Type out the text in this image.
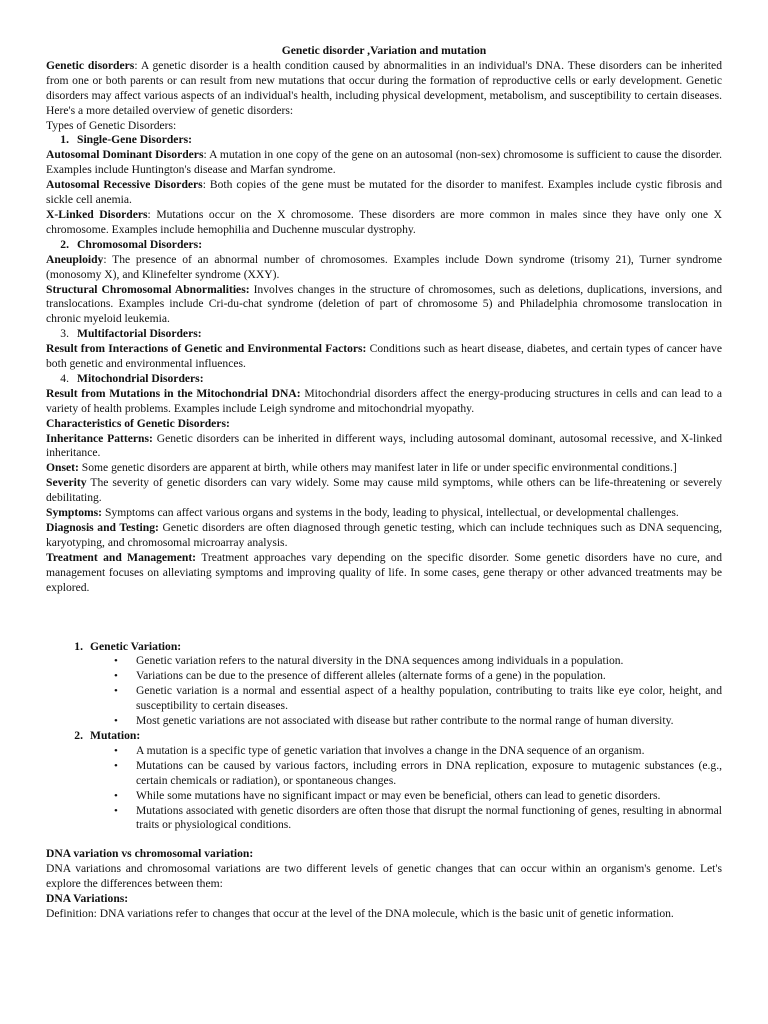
Genetic disorder ,Variation and mutation
Genetic disorders: A genetic disorder is a health condition caused by abnormalities in an individual's DNA. These disorders can be inherited from one or both parents or can result from new mutations that occur during the formation of reproductive cells or early development. Genetic disorders may affect various aspects of an individual's health, including physical development, metabolism, and susceptibility to certain diseases. Here's a more detailed overview of genetic disorders:
Types of Genetic Disorders:
1. Single-Gene Disorders:
Autosomal Dominant Disorders: A mutation in one copy of the gene on an autosomal (non-sex) chromosome is sufficient to cause the disorder. Examples include Huntington's disease and Marfan syndrome.
Autosomal Recessive Disorders: Both copies of the gene must be mutated for the disorder to manifest. Examples include cystic fibrosis and sickle cell anemia.
X-Linked Disorders: Mutations occur on the X chromosome. These disorders are more common in males since they have only one X chromosome. Examples include hemophilia and Duchenne muscular dystrophy.
2. Chromosomal Disorders:
Aneuploidy: The presence of an abnormal number of chromosomes. Examples include Down syndrome (trisomy 21), Turner syndrome (monosomy X), and Klinefelter syndrome (XXY).
Structural Chromosomal Abnormalities: Involves changes in the structure of chromosomes, such as deletions, duplications, inversions, and translocations. Examples include Cri-du-chat syndrome (deletion of part of chromosome 5) and Philadelphia chromosome translocation in chronic myeloid leukemia.
3. Multifactorial Disorders:
Result from Interactions of Genetic and Environmental Factors: Conditions such as heart disease, diabetes, and certain types of cancer have both genetic and environmental influences.
4. Mitochondrial Disorders:
Result from Mutations in the Mitochondrial DNA: Mitochondrial disorders affect the energy-producing structures in cells and can lead to a variety of health problems. Examples include Leigh syndrome and mitochondrial myopathy.
Characteristics of Genetic Disorders:
Inheritance Patterns: Genetic disorders can be inherited in different ways, including autosomal dominant, autosomal recessive, and X-linked inheritance.
Onset: Some genetic disorders are apparent at birth, while others may manifest later in life or under specific environmental conditions.]
Severity The severity of genetic disorders can vary widely. Some may cause mild symptoms, while others can be life-threatening or severely debilitating.
Symptoms: Symptoms can affect various organs and systems in the body, leading to physical, intellectual, or developmental challenges.
Diagnosis and Testing: Genetic disorders are often diagnosed through genetic testing, which can include techniques such as DNA sequencing, karyotyping, and chromosomal microarray analysis.
Treatment and Management: Treatment approaches vary depending on the specific disorder. Some genetic disorders have no cure, and management focuses on alleviating symptoms and improving quality of life. In some cases, gene therapy or other advanced treatments may be explored.
1. Genetic Variation:
• Genetic variation refers to the natural diversity in the DNA sequences among individuals in a population.
• Variations can be due to the presence of different alleles (alternate forms of a gene) in the population.
• Genetic variation is a normal and essential aspect of a healthy population, contributing to traits like eye color, height, and susceptibility to certain diseases.
• Most genetic variations are not associated with disease but rather contribute to the normal range of human diversity.
2. Mutation:
• A mutation is a specific type of genetic variation that involves a change in the DNA sequence of an organism.
• Mutations can be caused by various factors, including errors in DNA replication, exposure to mutagenic substances (e.g., certain chemicals or radiation), or spontaneous changes.
• While some mutations have no significant impact or may even be beneficial, others can lead to genetic disorders.
• Mutations associated with genetic disorders are often those that disrupt the normal functioning of genes, resulting in abnormal traits or physiological conditions.
DNA variation vs chromosomal variation:
DNA variations and chromosomal variations are two different levels of genetic changes that can occur within an organism's genome. Let's explore the differences between them:
DNA Variations:
Definition: DNA variations refer to changes that occur at the level of the DNA molecule, which is the basic unit of genetic information.
